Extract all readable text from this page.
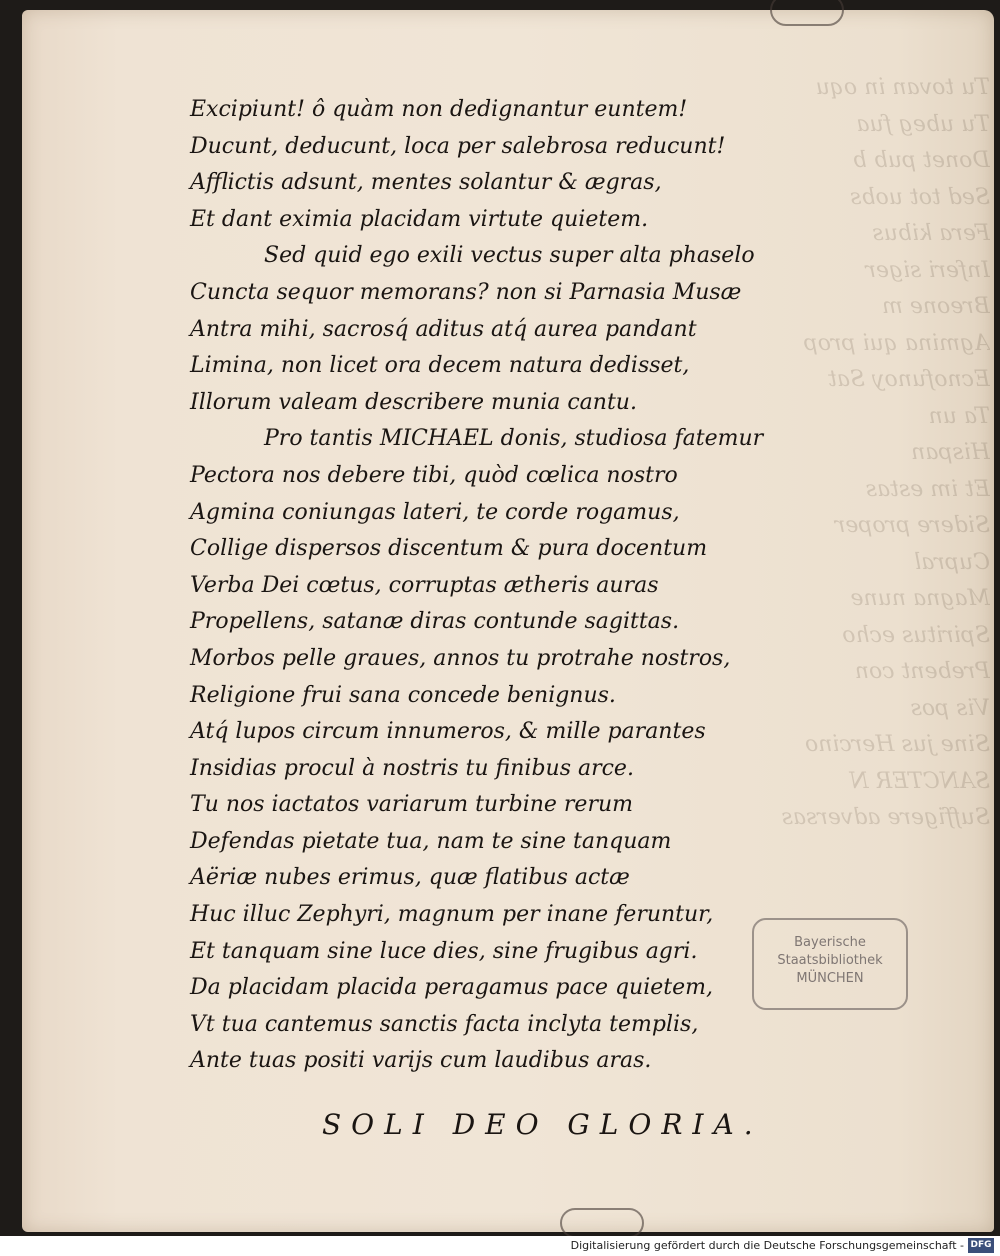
Tu tovan in oqu
Tu ubeg fua
Donet pub b
Sed tot uobs
Fera kibus
Inferi siger
Breone m
Agmina qui prop
Ecnofunoy Sat
Ta un
Hispan
Et im estas
Sidere proper
Cupral
Magna nune
Spiritus echo
Prebent con
Vis pos
Sine jus Hercino
SANCTER N
Suffigere adversas
Excipiunt! ô quàm non dedignantur euntem!
Ducunt, deducunt, loca per salebrosa reducunt!
Afflictis adsunt, mentes solantur & ægras,
Et dant eximia placidam virtute quietem.
Sed quid ego exili vectus super alta phaselo
Cuncta sequor memorans? non si Parnasia Musæ
Antra mihi, sacrosq́ aditus atq́ aurea pandant
Limina, non licet ora decem natura dedisset,
Illorum valeam describere munia cantu.
Pro tantis MICHAEL donis, studiosa fatemur
Pectora nos debere tibi, quòd cœlica nostro
Agmina coniungas lateri, te corde rogamus,
Collige dispersos discentum & pura docentum
Verba Dei cœtus, corruptas ætheris auras
Propellens, satanæ diras contunde sagittas.
Morbos pelle graues, annos tu protrahe nostros,
Religione frui sana concede benignus.
Atq́ lupos circum innumeros, & mille parantes
Insidias procul à nostris tu finibus arce.
Tu nos iactatos variarum turbine rerum
Defendas pietate tua, nam te sine tanquam
Aëriæ nubes erimus, quæ flatibus actæ
Huc illuc Zephyri, magnum per inane feruntur,
Et tanquam sine luce dies, sine frugibus agri.
Da placidam placida peragamus pace quietem,
Vt tua cantemus sanctis facta inclyta templis,
Ante tuas positi varijs cum laudibus aras.
SOLI DEO GLORIA.
Bayerische
Staatsbibliothek
MÜNCHEN
Digitalisierung gefördert durch die Deutsche Forschungsgemeinschaft - DFG
